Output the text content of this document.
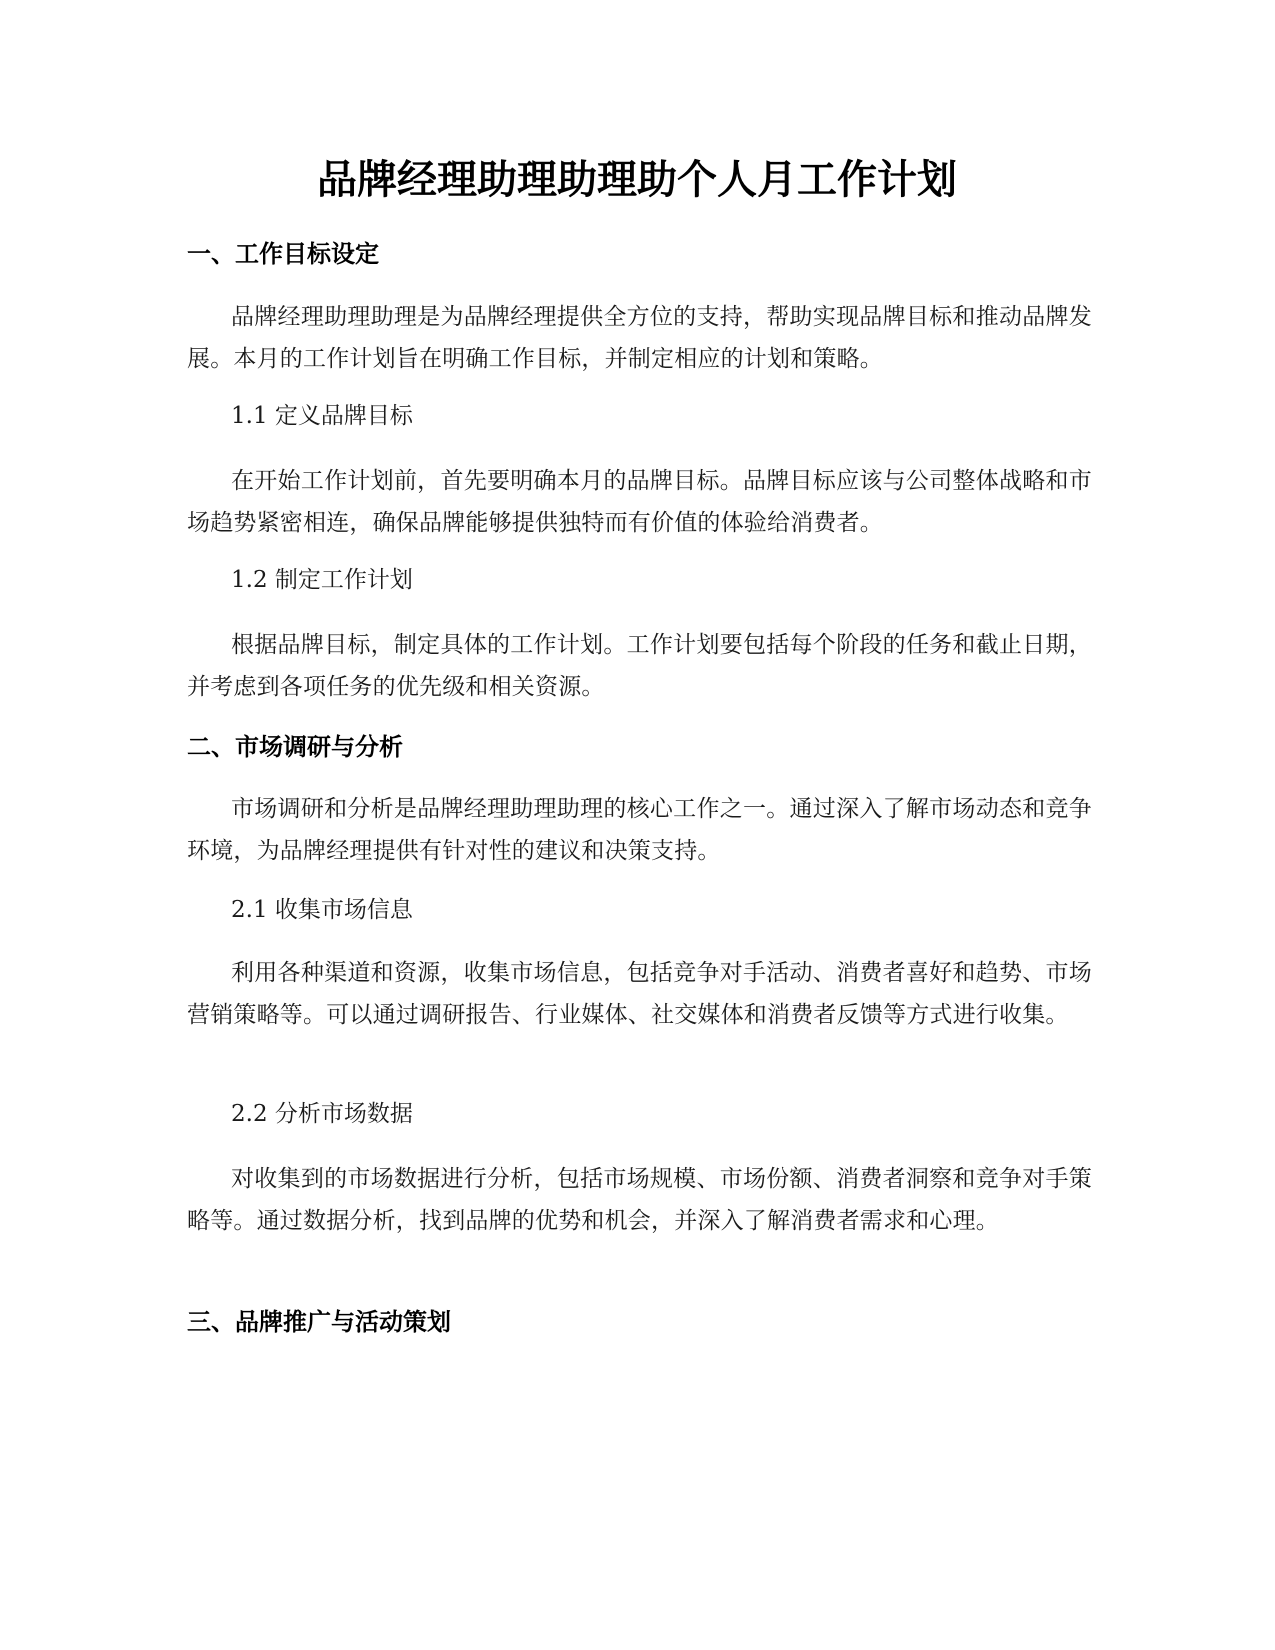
品牌经理助理助理助个人月工作计划
一、工作目标设定

品牌经理助理助理是为品牌经理提供全方位的支持，帮助实现品牌目标和推动品牌发展。本月的工作计划旨在明确工作目标，并制定相应的计划和策略。

1.1 定义品牌目标

在开始工作计划前，首先要明确本月的品牌目标。品牌目标应该与公司整体战略和市场趋势紧密相连，确保品牌能够提供独特而有价值的体验给消费者。

1.2 制定工作计划

根据品牌目标，制定具体的工作计划。工作计划要包括每个阶段的任务和截止日期，并考虑到各项任务的优先级和相关资源。

二、市场调研与分析

市场调研和分析是品牌经理助理助理的核心工作之一。通过深入了解市场动态和竞争环境，为品牌经理提供有针对性的建议和决策支持。

2.1 收集市场信息

利用各种渠道和资源，收集市场信息，包括竞争对手活动、消费者喜好和趋势、市场营销策略等。可以通过调研报告、行业媒体、社交媒体和消费者反馈等方式进行收集。

2.2 分析市场数据

对收集到的市场数据进行分析，包括市场规模、市场份额、消费者洞察和竞争对手策略等。通过数据分析，找到品牌的优势和机会，并深入了解消费者需求和心理。

三、品牌推广与活动策划
